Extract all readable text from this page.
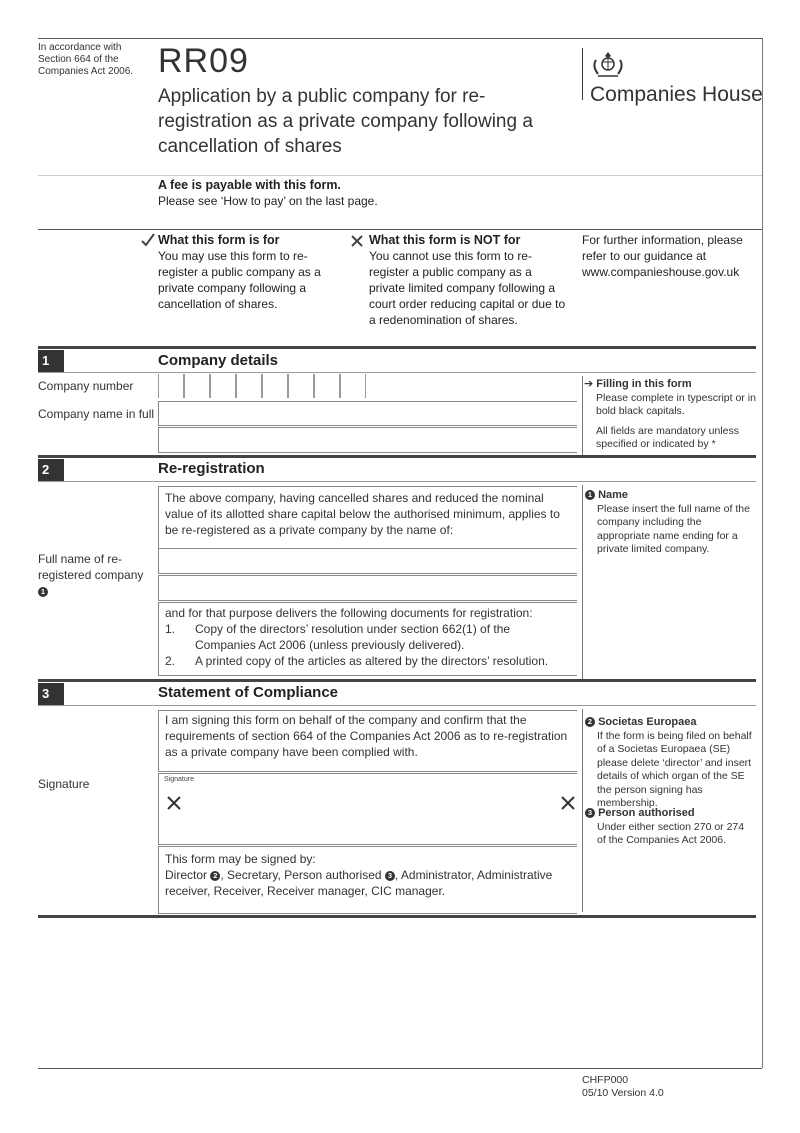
In accordance with Section 664 of the Companies Act 2006. RR09
Application by a public company for re-registration as a private company following a cancellation of shares
Companies House
A fee is payable with this form.
Please see ‘How to pay’ on the last page.
What this form is for

You may use this form to re-register a public company as a private company following a cancellation of shares.

What this form is NOT for

You cannot use this form to re-register a public company as a private limited company following a court order reducing capital or due to a redenomination of shares.

For further information, please refer to our guidance at www.companieshouse.gov.uk

1	Company details
Company number
Company name in full
➔ Filling in this form

Please complete in typescript or in bold black capitals.
All fields are mandatory unless specified or indicated by *
2	Re-registration
The above company, having cancelled shares and reduced the nominal value of its allotted share capital below the authorised minimum, applies to be re-registered as a private company by the name of:
Full name of re-registered company
1
and for that purpose delivers the following documents for registration:
1. Copy of the directors’ resolution under section 662(1) of the Companies Act 2006 (unless previously delivered).
2. A printed copy of the articles as altered by the directors’ resolution.
1 Name

Please insert the full name of the company including the appropriate name ending for a private limited company.
3	Statement of Compliance
I am signing this form on behalf of the company and confirm that the requirements of section 664 of the Companies Act 2006 as to re-registration as a private company have been complied with.
Signature	Signature
This form may be signed by:
Director 2 , Secretary, Person authorised 3 , Administrator, Administrative receiver, Receiver, Receiver manager, CIC manager.
2 Societas Europaea

If the form is being filed on behalf of a Societas Europaea (SE) please delete ‘director’ and insert details of which organ of the SE the person signing has membership.
3 Person authorised

Under either section 270 or 274 of the Companies Act 2006.
CHFP000
05/10 Version 4.0
